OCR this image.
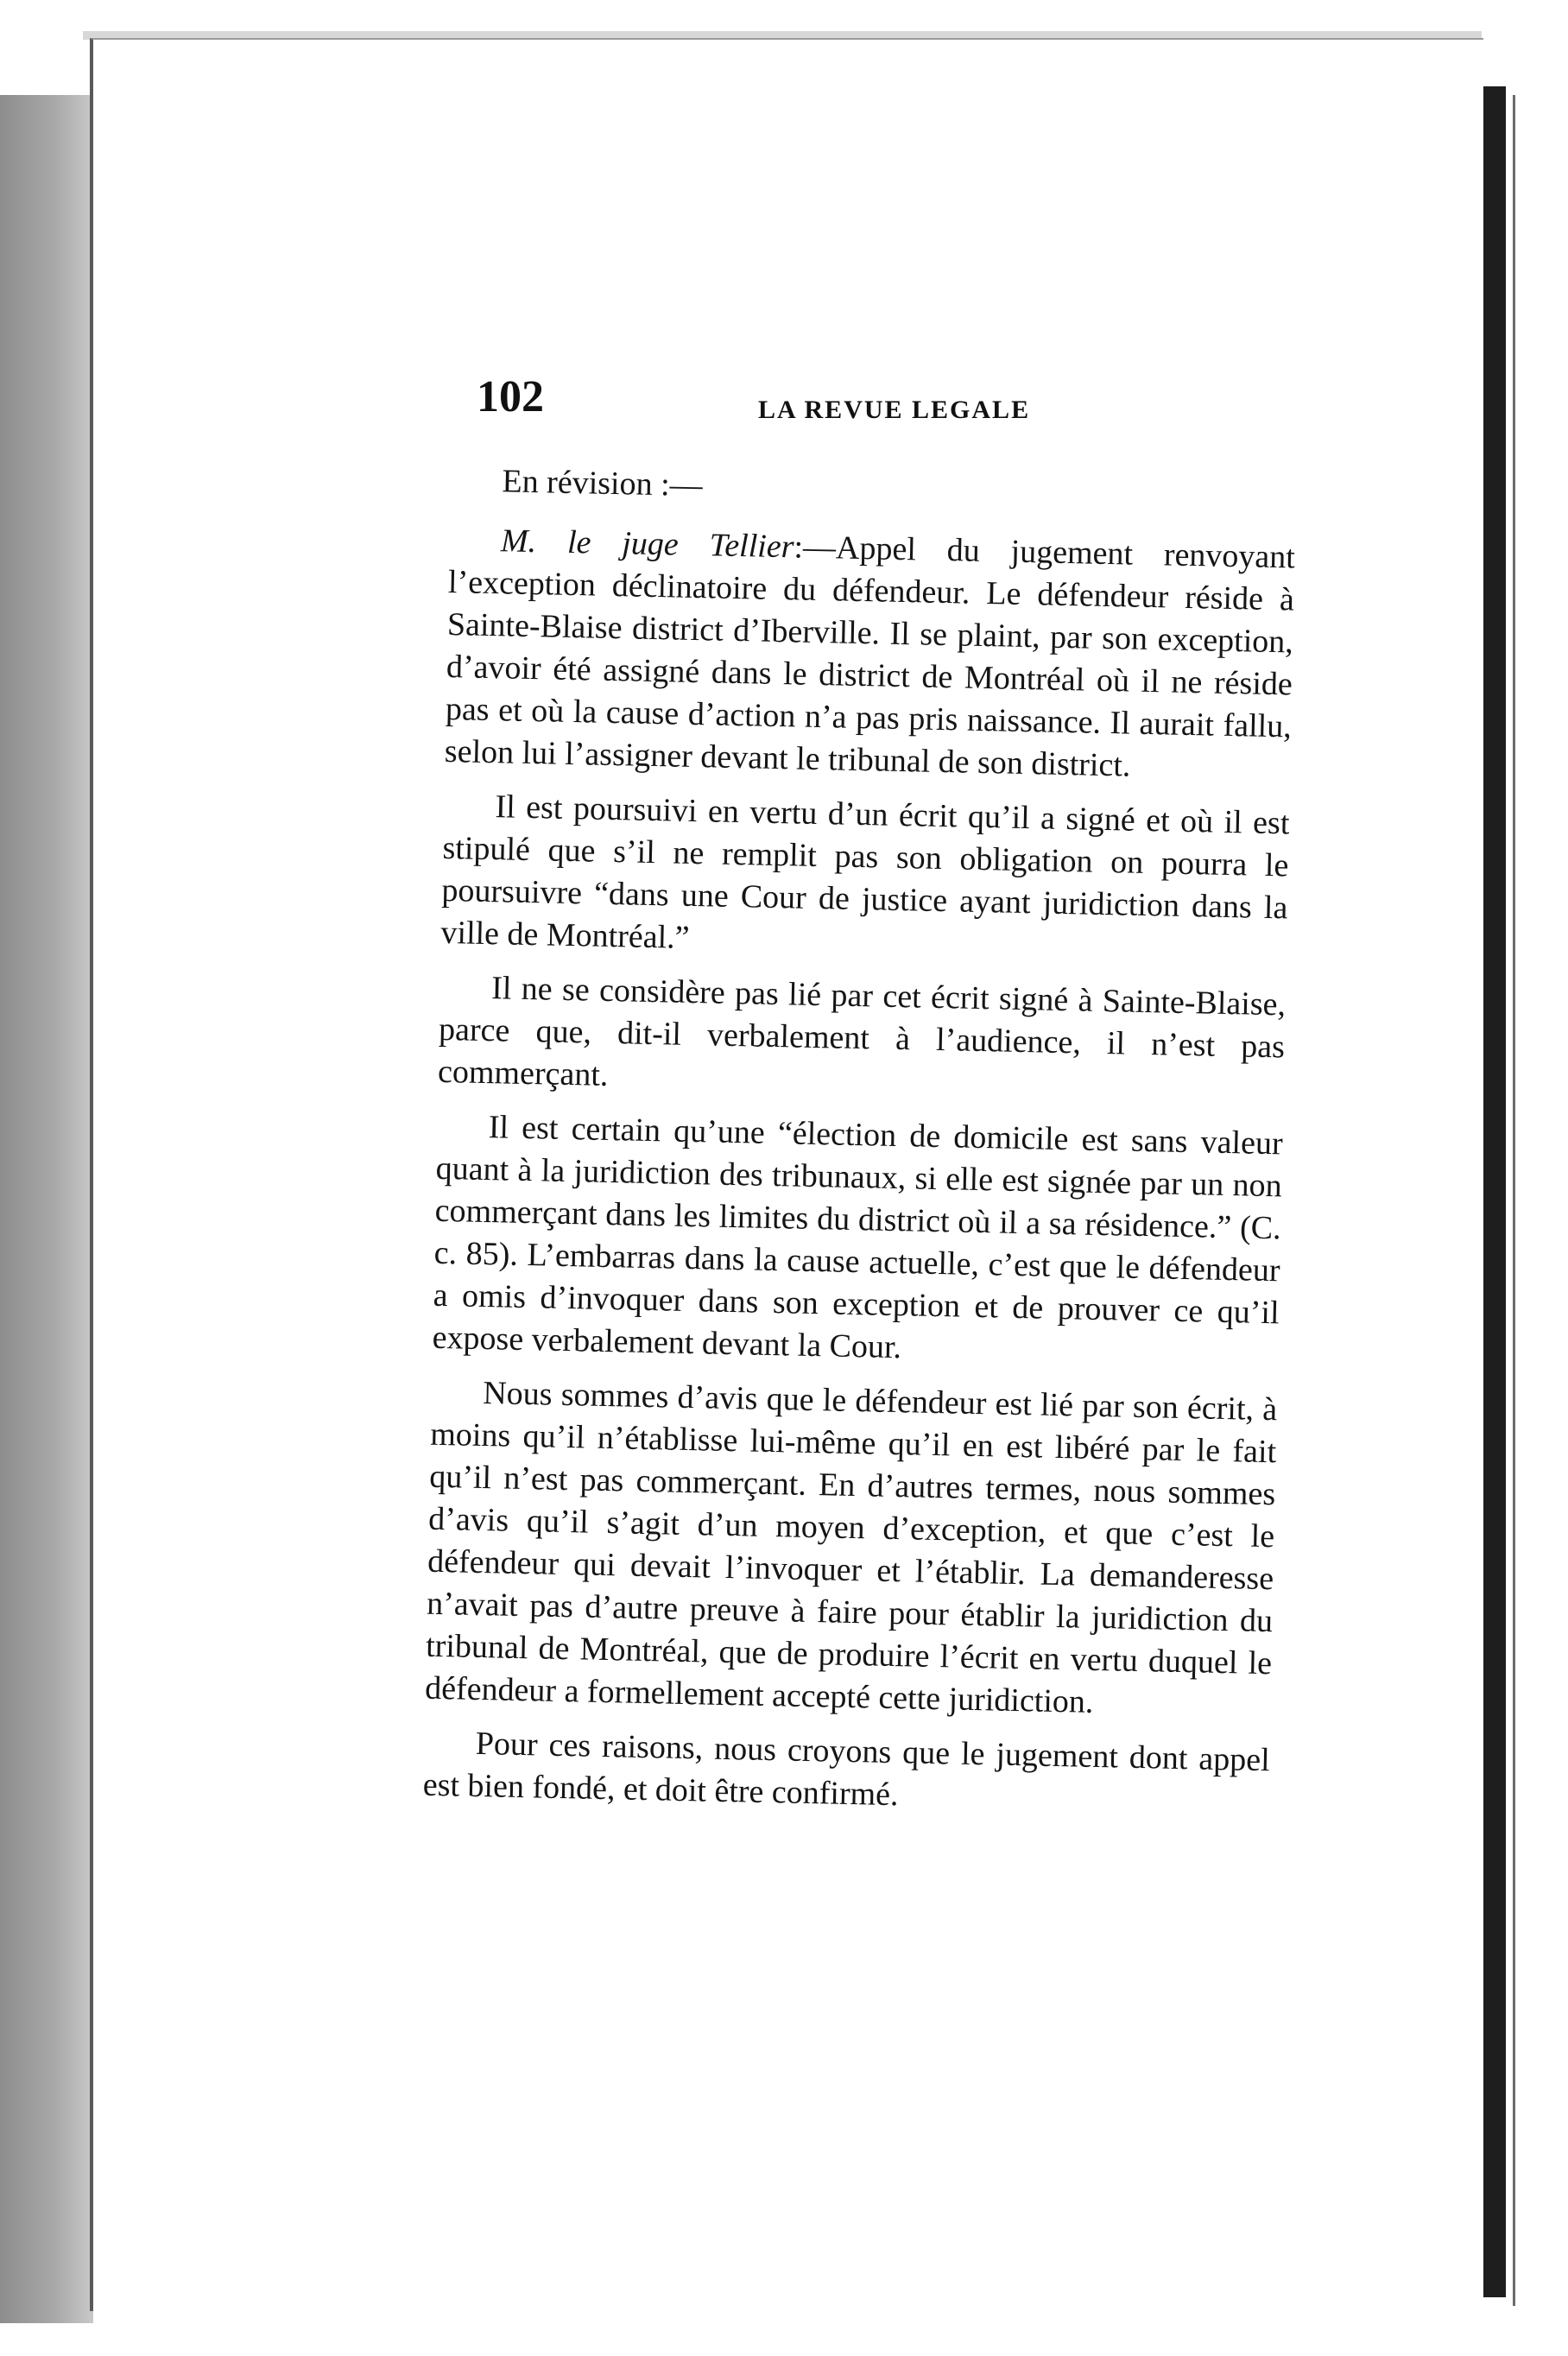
102	LA REVUE LEGALE

En révision :—

M. le juge Tellier:—Appel du jugement renvoyant l’exception déclinatoire du défendeur. Le défendeur réside à Sainte-Blaise district d’Iberville. Il se plaint, par son exception, d’avoir été assigné dans le district de Montréal où il ne réside pas et où la cause d’action n’a pas pris naissance. Il aurait fallu, selon lui l’assigner devant le tribunal de son district.

Il est poursuivi en vertu d’un écrit qu’il a signé et où il est stipulé que s’il ne remplit pas son obligation on pourra le poursuivre “dans une Cour de justice ayant juridiction dans la ville de Montréal.”

Il ne se considère pas lié par cet écrit signé à Sainte-Blaise, parce que, dit-il verbalement à l’audience, il n’est pas commerçant.

Il est certain qu’une “élection de domicile est sans valeur quant à la juridiction des tribunaux, si elle est signée par un non commerçant dans les limites du district où il a sa résidence.” (C. c. 85). L’embarras dans la cause actuelle, c’est que le défendeur a omis d’invoquer dans son exception et de prouver ce qu’il expose verbalement devant la Cour.

Nous sommes d’avis que le défendeur est lié par son écrit, à moins qu’il n’établisse lui-même qu’il en est libéré par le fait qu’il n’est pas commerçant. En d’autres termes, nous sommes d’avis qu’il s’agit d’un moyen d’exception, et que c’est le défendeur qui devait l’invoquer et l’établir. La demanderesse n’avait pas d’autre preuve à faire pour établir la juridiction du tribunal de Montréal, que de produire l’écrit en vertu duquel le défendeur a formellement accepté cette juridiction.

Pour ces raisons, nous croyons que le jugement dont appel est bien fondé, et doit être confirmé.
